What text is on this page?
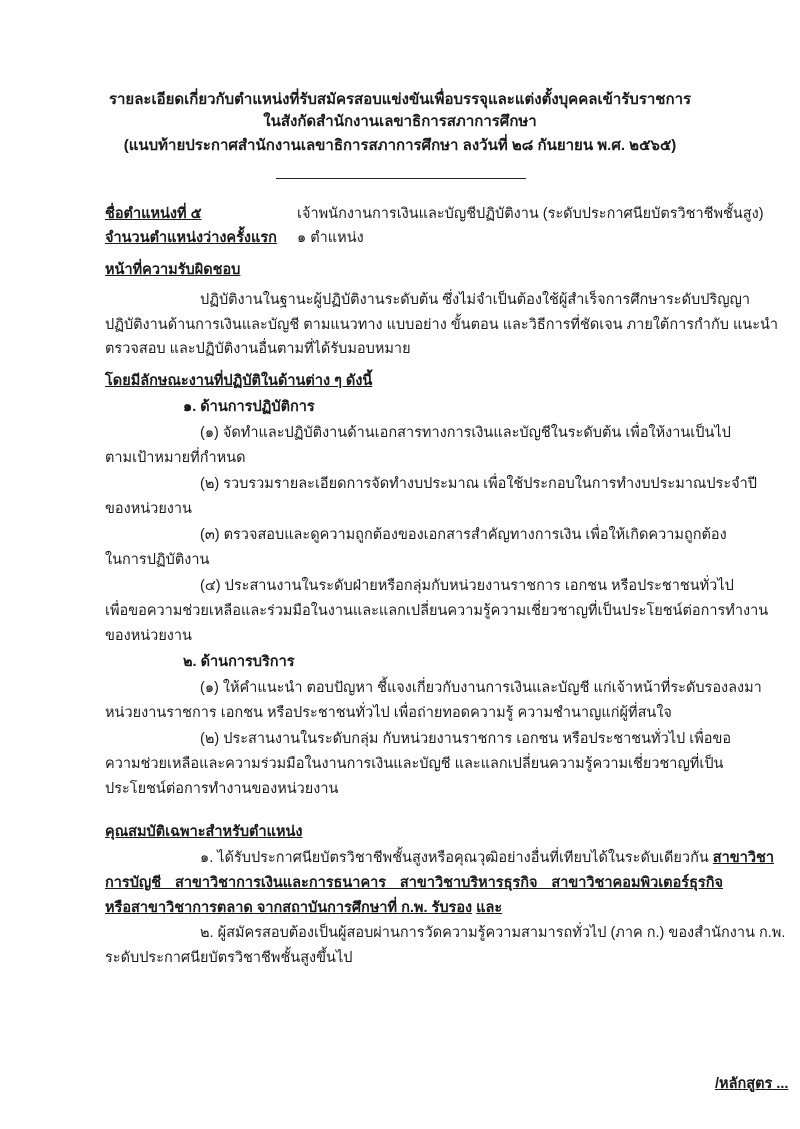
รายละเอียดเกี่ยวกับตำแหน่งที่รับสมัครสอบแข่งขันเพื่อบรรจุและแต่งตั้งบุคคลเข้ารับราชการ
ในสังกัดสำนักงานเลขาธิการสภาการศึกษา
(แนบท้ายประกาศสำนักงานเลขาธิการสภาการศึกษา ลงวันที่ ๒๘ กันยายน พ.ศ. ๒๕๖๕)
ชื่อตำแหน่งที่ ๕	เจ้าพนักงานการเงินและบัญชีปฏิบัติงาน (ระดับประกาศนียบัตรวิชาชีพชั้นสูง)
จำนวนตำแหน่งว่างครั้งแรก ๑ ตำแหน่ง
หน้าที่ความรับผิดชอบ
ปฏิบัติงานในฐานะผู้ปฏิบัติงานระดับต้น ซึ่งไม่จำเป็นต้องใช้ผู้สำเร็จการศึกษาระดับปริญญา
ปฏิบัติงานด้านการเงินและบัญชี ตามแนวทาง แบบอย่าง ขั้นตอน และวิธีการที่ชัดเจน ภายใต้การกำกับ แนะนำ
ตรวจสอบ และปฏิบัติงานอื่นตามที่ได้รับมอบหมาย
โดยมีลักษณะงานที่ปฏิบัติในด้านต่าง ๆ ดังนี้
๑. ด้านการปฏิบัติการ
(๑) จัดทำและปฏิบัติงานด้านเอกสารทางการเงินและบัญชีในระดับต้น เพื่อให้งานเป็นไป
ตามเป้าหมายที่กำหนด
(๒) รวบรวมรายละเอียดการจัดทำงบประมาณ เพื่อใช้ประกอบในการทำงบประมาณประจำปี
ของหน่วยงาน
(๓) ตรวจสอบและดูความถูกต้องของเอกสารสำคัญทางการเงิน เพื่อให้เกิดความถูกต้อง
ในการปฏิบัติงาน
(๔) ประสานงานในระดับฝ่ายหรือกลุ่มกับหน่วยงานราชการ เอกชน หรือประชาชนทั่วไป
เพื่อขอความช่วยเหลือและร่วมมือในงานและแลกเปลี่ยนความรู้ความเชี่ยวชาญที่เป็นประโยชน์ต่อการทำงาน
ของหน่วยงาน
๒. ด้านการบริการ
(๑) ให้คำแนะนำ ตอบปัญหา ชี้แจงเกี่ยวกับงานการเงินและบัญชี แก่เจ้าหน้าที่ระดับรองลงมา
หน่วยงานราชการ เอกชน หรือประชาชนทั่วไป เพื่อถ่ายทอดความรู้ ความชำนาญแก่ผู้ที่สนใจ
(๒) ประสานงานในระดับกลุ่ม กับหน่วยงานราชการ เอกชน หรือประชาชนทั่วไป เพื่อขอ
ความช่วยเหลือและความร่วมมือในงานการเงินและบัญชี และแลกเปลี่ยนความรู้ความเชี่ยวชาญที่เป็น
ประโยชน์ต่อการทำงานของหน่วยงาน
คุณสมบัติเฉพาะสำหรับตำแหน่ง
การบัญชี สาขาวิชาการเงินและการธนาคาร สาขาวิชาบริหารธุรกิจ สาขาวิชาคอมพิวเตอร์ธุรกิจ
๒. ผู้สมัครสอบต้องเป็นผู้สอบผ่านการวัดความรู้ความสามารถทั่วไป (ภาค ก.) ของสำนักงาน ก.พ.
ระดับประกาศนียบัตรวิชาชีพชั้นสูงขึ้นไป
/หลักสูตร ...
๑. ได้รับประกาศนียบัตรวิชาชีพชั้นสูงหรือคุณวุฒิอย่างอื่นที่เทียบได้ในระดับเดียวกัน สาขาวิชา
หรือสาขาวิชาการตลาด จากสถาบันการศึกษาที่ ก.พ. รับรอง และ
